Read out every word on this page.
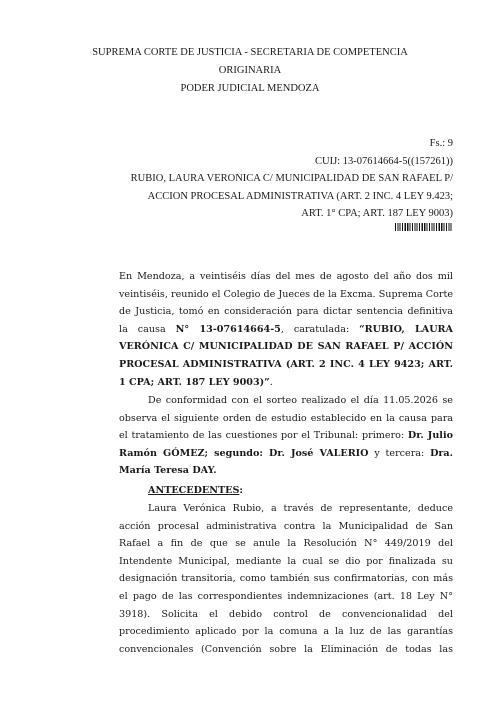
SUPREMA CORTE DE JUSTICIA - SECRETARIA DE COMPETENCIA
ORIGINARIA
PODER JUDICIAL MENDOZA
Fs.: 9
CUIJ: 13-07614664-5((157261))
RUBIO, LAURA VERONICA C/ MUNICIPALIDAD DE SAN RAFAEL P/
ACCION PROCESAL ADMINISTRATIVA (ART. 2 INC. 4 LEY 9.423;
ART. 1° CPA; ART. 187 LEY 9003)

En Mendoza, a veintiséis días del mes de agosto del año dos mil veintiséis, reunido el Colegio de Jueces de la Excma. Suprema Corte de Justicia, tomó en consideración para dictar sentencia definitiva la causa N° 13-07614664-5, caratulada: “RUBIO, LAURA VERÓNICA C/ MUNICIPALIDAD DE SAN RAFAEL P/ ACCIÓN PROCESAL ADMINISTRATIVA (ART. 2 INC. 4 LEY 9423; ART. 1 CPA; ART. 187 LEY 9003)”.

De conformidad con el sorteo realizado el día 11.05.2026 se observa el siguiente orden de estudio establecido en la causa para el tratamiento de las cuestiones por el Tribunal: primero: Dr. Julio Ramón GÓMEZ; segundo: Dr. José VALERIO y tercera: Dra. María Teresa DAY.

ANTECEDENTES:

Laura Verónica Rubio, a través de representante, deduce acción procesal administrativa contra la Municipalidad de San Rafael a fin de que se anule la Resolución N° 449/2019 del Intendente Municipal, mediante la cual se dio por finalizada su designación transitoria, como también sus confirmatorias, con más el pago de las correspondientes indemnizaciones (art. 18 Ley N° 3918). Solicita el debido control de convencionalidad del procedimiento aplicado por la comuna a la luz de las garantías convencionales (Convención sobre la Eliminación de todas las
